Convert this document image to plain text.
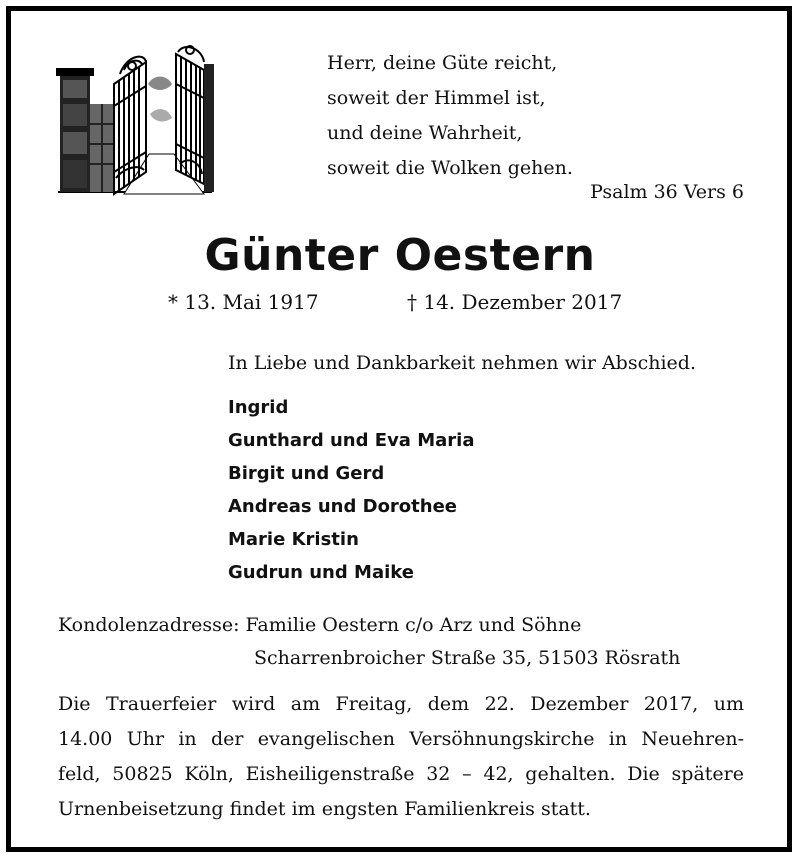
Herr, deine Güte reicht,
soweit der Himmel ist,
und deine Wahrheit,
soweit die Wolken gehen.
Psalm 36 Vers 6
Günter Oestern
* 13. Mai 1917	† 14. Dezember 2017
In Liebe und Dankbarkeit nehmen wir Abschied.
Ingrid
Gunthard und Eva Maria
Birgit und Gerd
Andreas und Dorothee
Marie Kristin
Gudrun und Maike
Kondolenzadresse: Familie Oestern c/o Arz und Söhne
Scharrenbroicher Straße 35, 51503 Rösrath
Die Trauerfeier wird am Freitag, dem 22. Dezember 2017, um
14.00 Uhr in der evangelischen Versöhnungskirche in Neuehren-
feld, 50825 Köln, Eisheiligenstraße 32 – 42, gehalten. Die spätere
Urnenbeisetzung findet im engsten Familienkreis statt.
